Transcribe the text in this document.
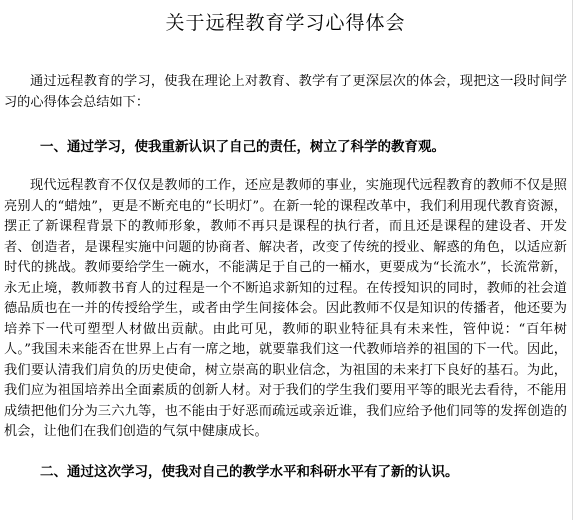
关于远程教育学习心得体会

通过远程教育的学习，使我在理论上对教育、教学有了更深层次的体会，现把这一段时间学习的心得体会总结如下：

一、通过学习，使我重新认识了自己的责任，树立了科学的教育观。

现代远程教育不仅仅是教师的工作，还应是教师的事业，实施现代远程教育的教师不仅是照亮别人的“蜡烛”，更是不断充电的“长明灯”。在新一轮的课程改革中，我们利用现代教育资源，摆正了新课程背景下的教师形象，教师不再只是课程的执行者，而且还是课程的建设者、开发者、创造者，是课程实施中问题的协商者、解决者，改变了传统的授业、解惑的角色，以适应新时代的挑战。教师要给学生一碗水，不能满足于自己的一桶水，更要成为“长流水”，长流常新，永无止境，教师教书育人的过程是一个不断追求新知的过程。在传授知识的同时，教师的社会道德品质也在一并的传授给学生，或者由学生间接体会。因此教师不仅是知识的传播者，他还要为培养下一代可塑型人材做出贡献。由此可见，教师的职业特征具有未来性，管仲说：“百年树人。”我国未来能否在世界上占有一席之地，就要靠我们这一代教师培养的祖国的下一代。因此，我们要认清我们肩负的历史使命，树立崇高的职业信念，为祖国的未来打下良好的基石。为此，我们应为祖国培养出全面素质的创新人材。对于我们的学生我们要用平等的眼光去看待，不能用成绩把他们分为三六九等，也不能由于好恶而疏远或亲近谁，我们应给予他们同等的发挥创造的机会，让他们在我们创造的气氛中健康成长。

二、通过这次学习，使我对自己的教学水平和科研水平有了新的认识。
